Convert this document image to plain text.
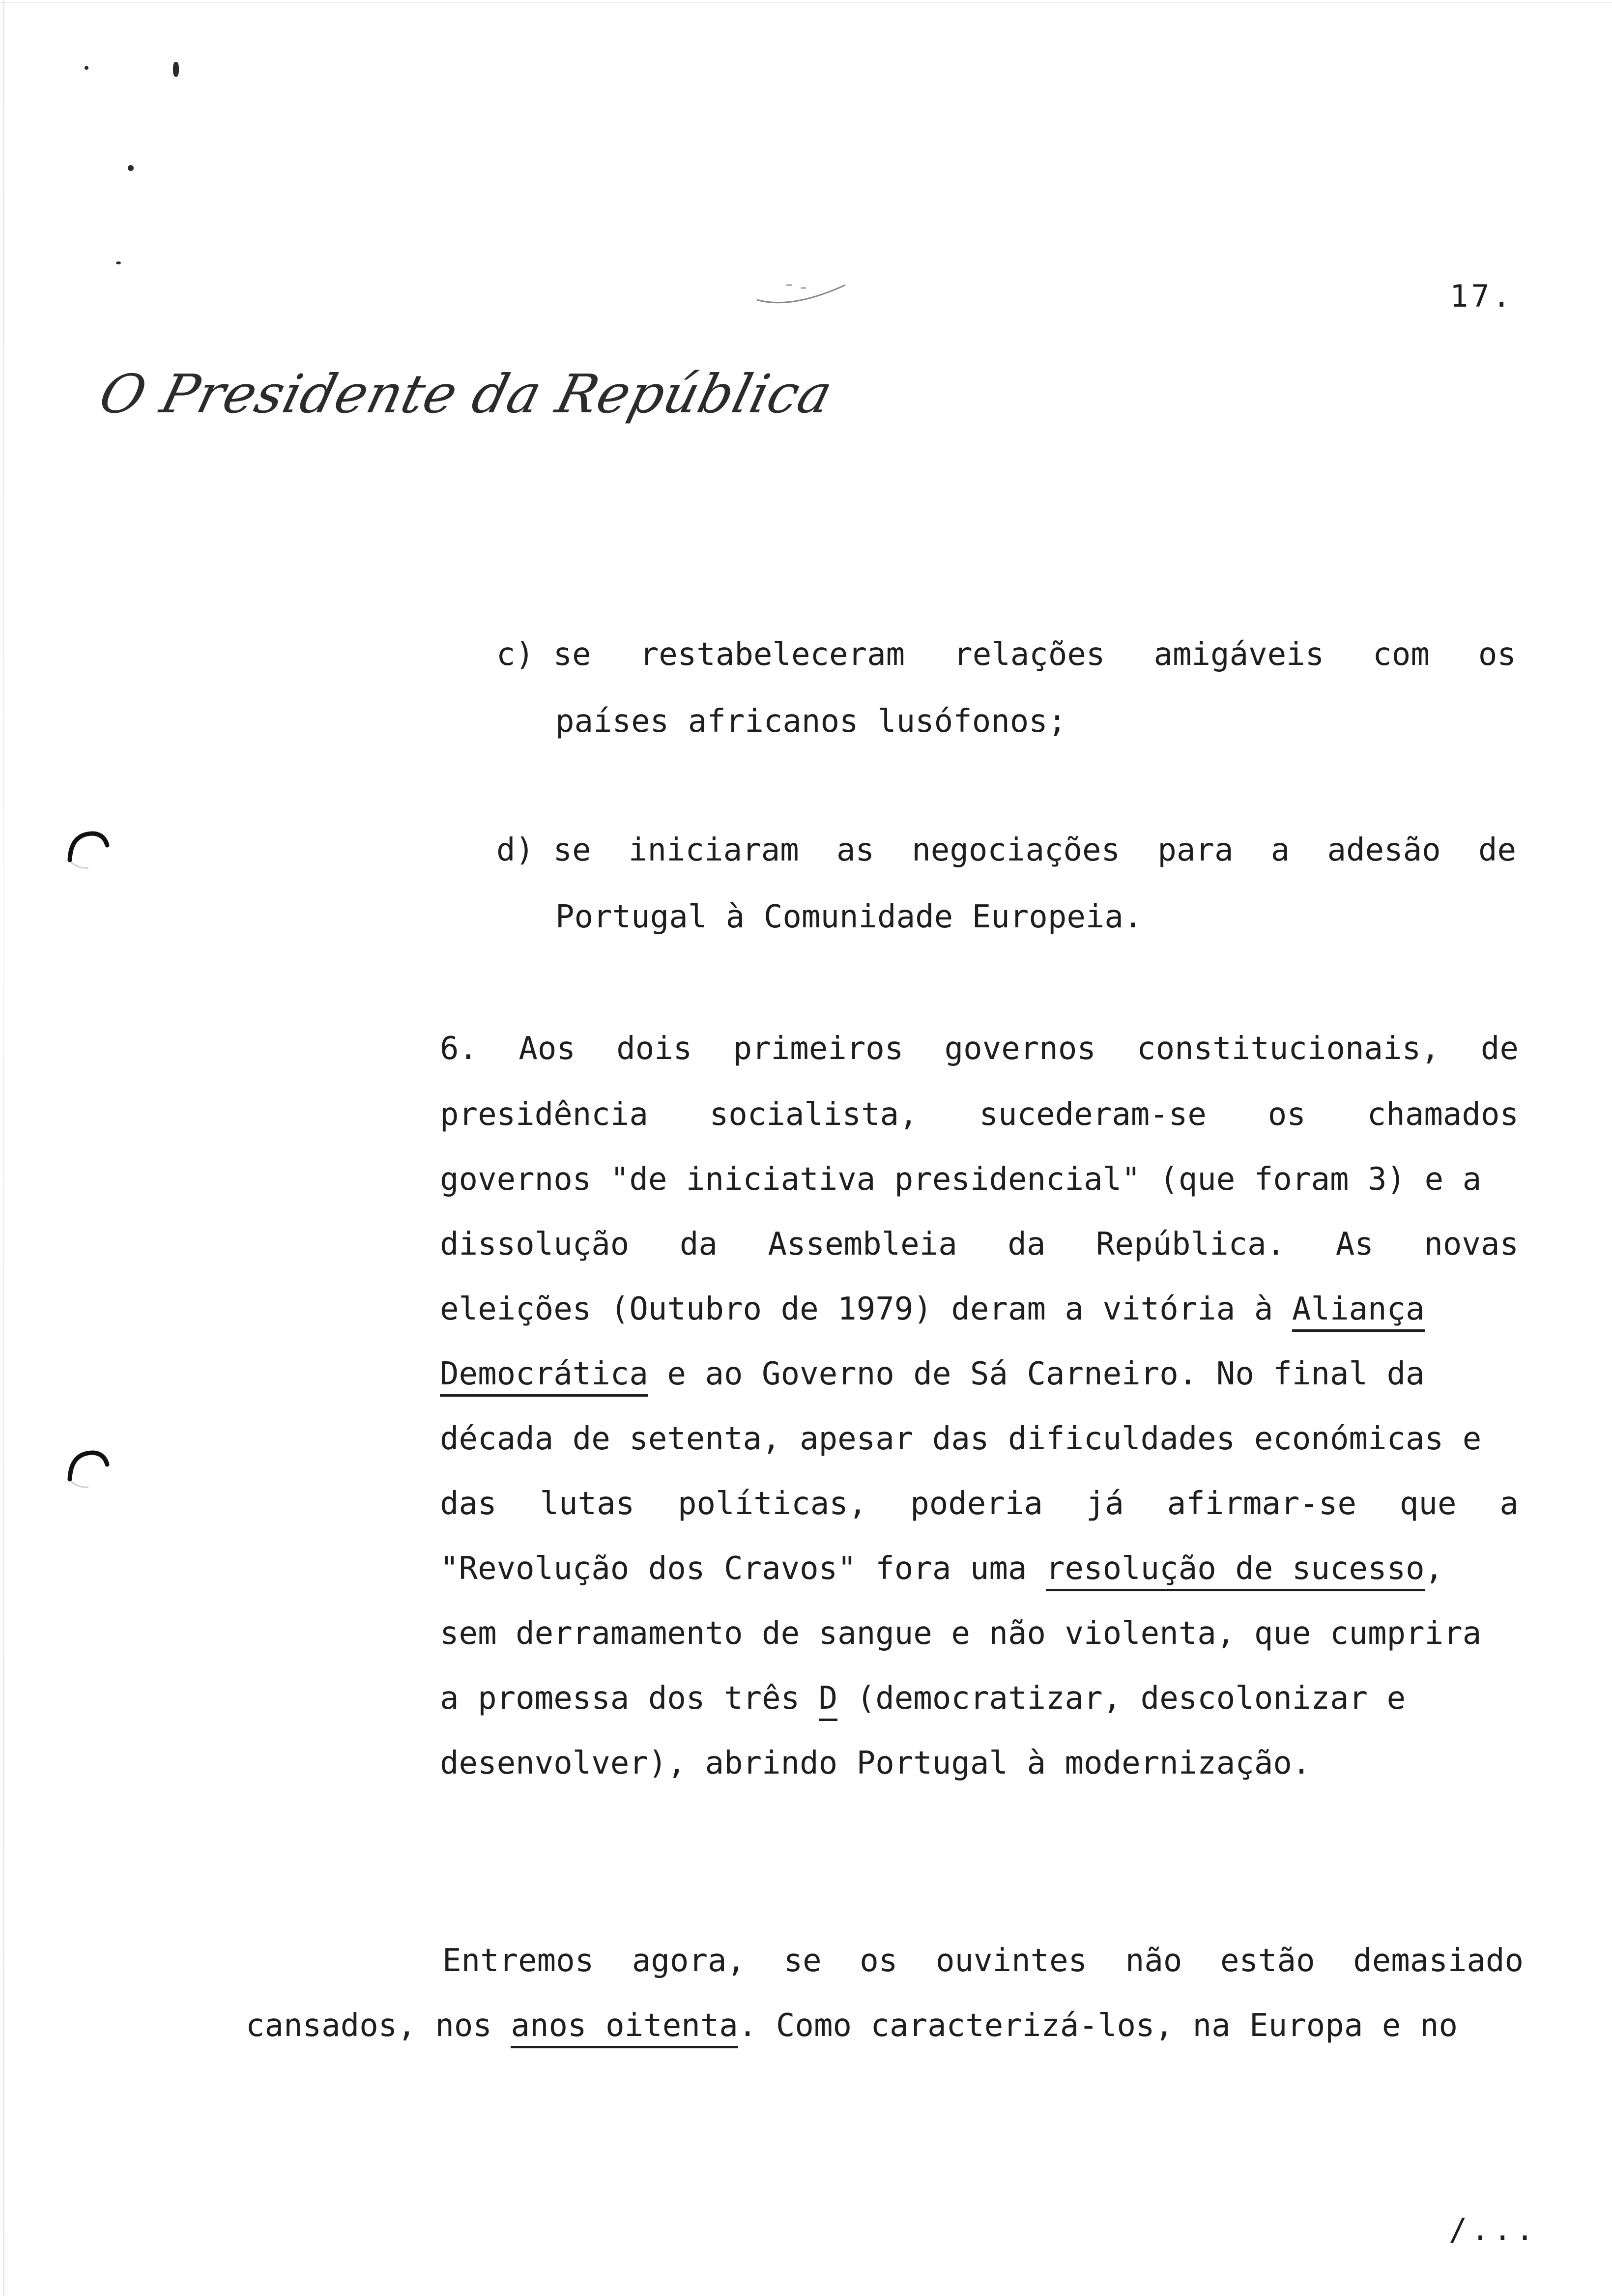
17.
O Presidente da República
c) se restabeleceram relações amigáveis com os
países africanos lusófonos;
d) se iniciaram as negociações para a adesão de
Portugal à Comunidade Europeia.
6. Aos dois primeiros governos constitucionais, de
presidência socialista, sucederam-se os chamados
governos "de iniciativa presidencial" (que foram 3) e a
dissolução da Assembleia da República. As novas
eleições (Outubro de 1979) deram a vitória à Aliança
Democrática e ao Governo de Sá Carneiro. No final da
década de setenta, apesar das dificuldades económicas e
das lutas políticas, poderia já afirmar-se que a
"Revolução dos Cravos" fora uma resolução de sucesso,
sem derramamento de sangue e não violenta, que cumprira
a promessa dos três D (democratizar, descolonizar e
desenvolver), abrindo Portugal à modernização.
Entremos agora, se os ouvintes não estão demasiado
cansados, nos anos oitenta. Como caracterizá-los, na Europa e no
/...
